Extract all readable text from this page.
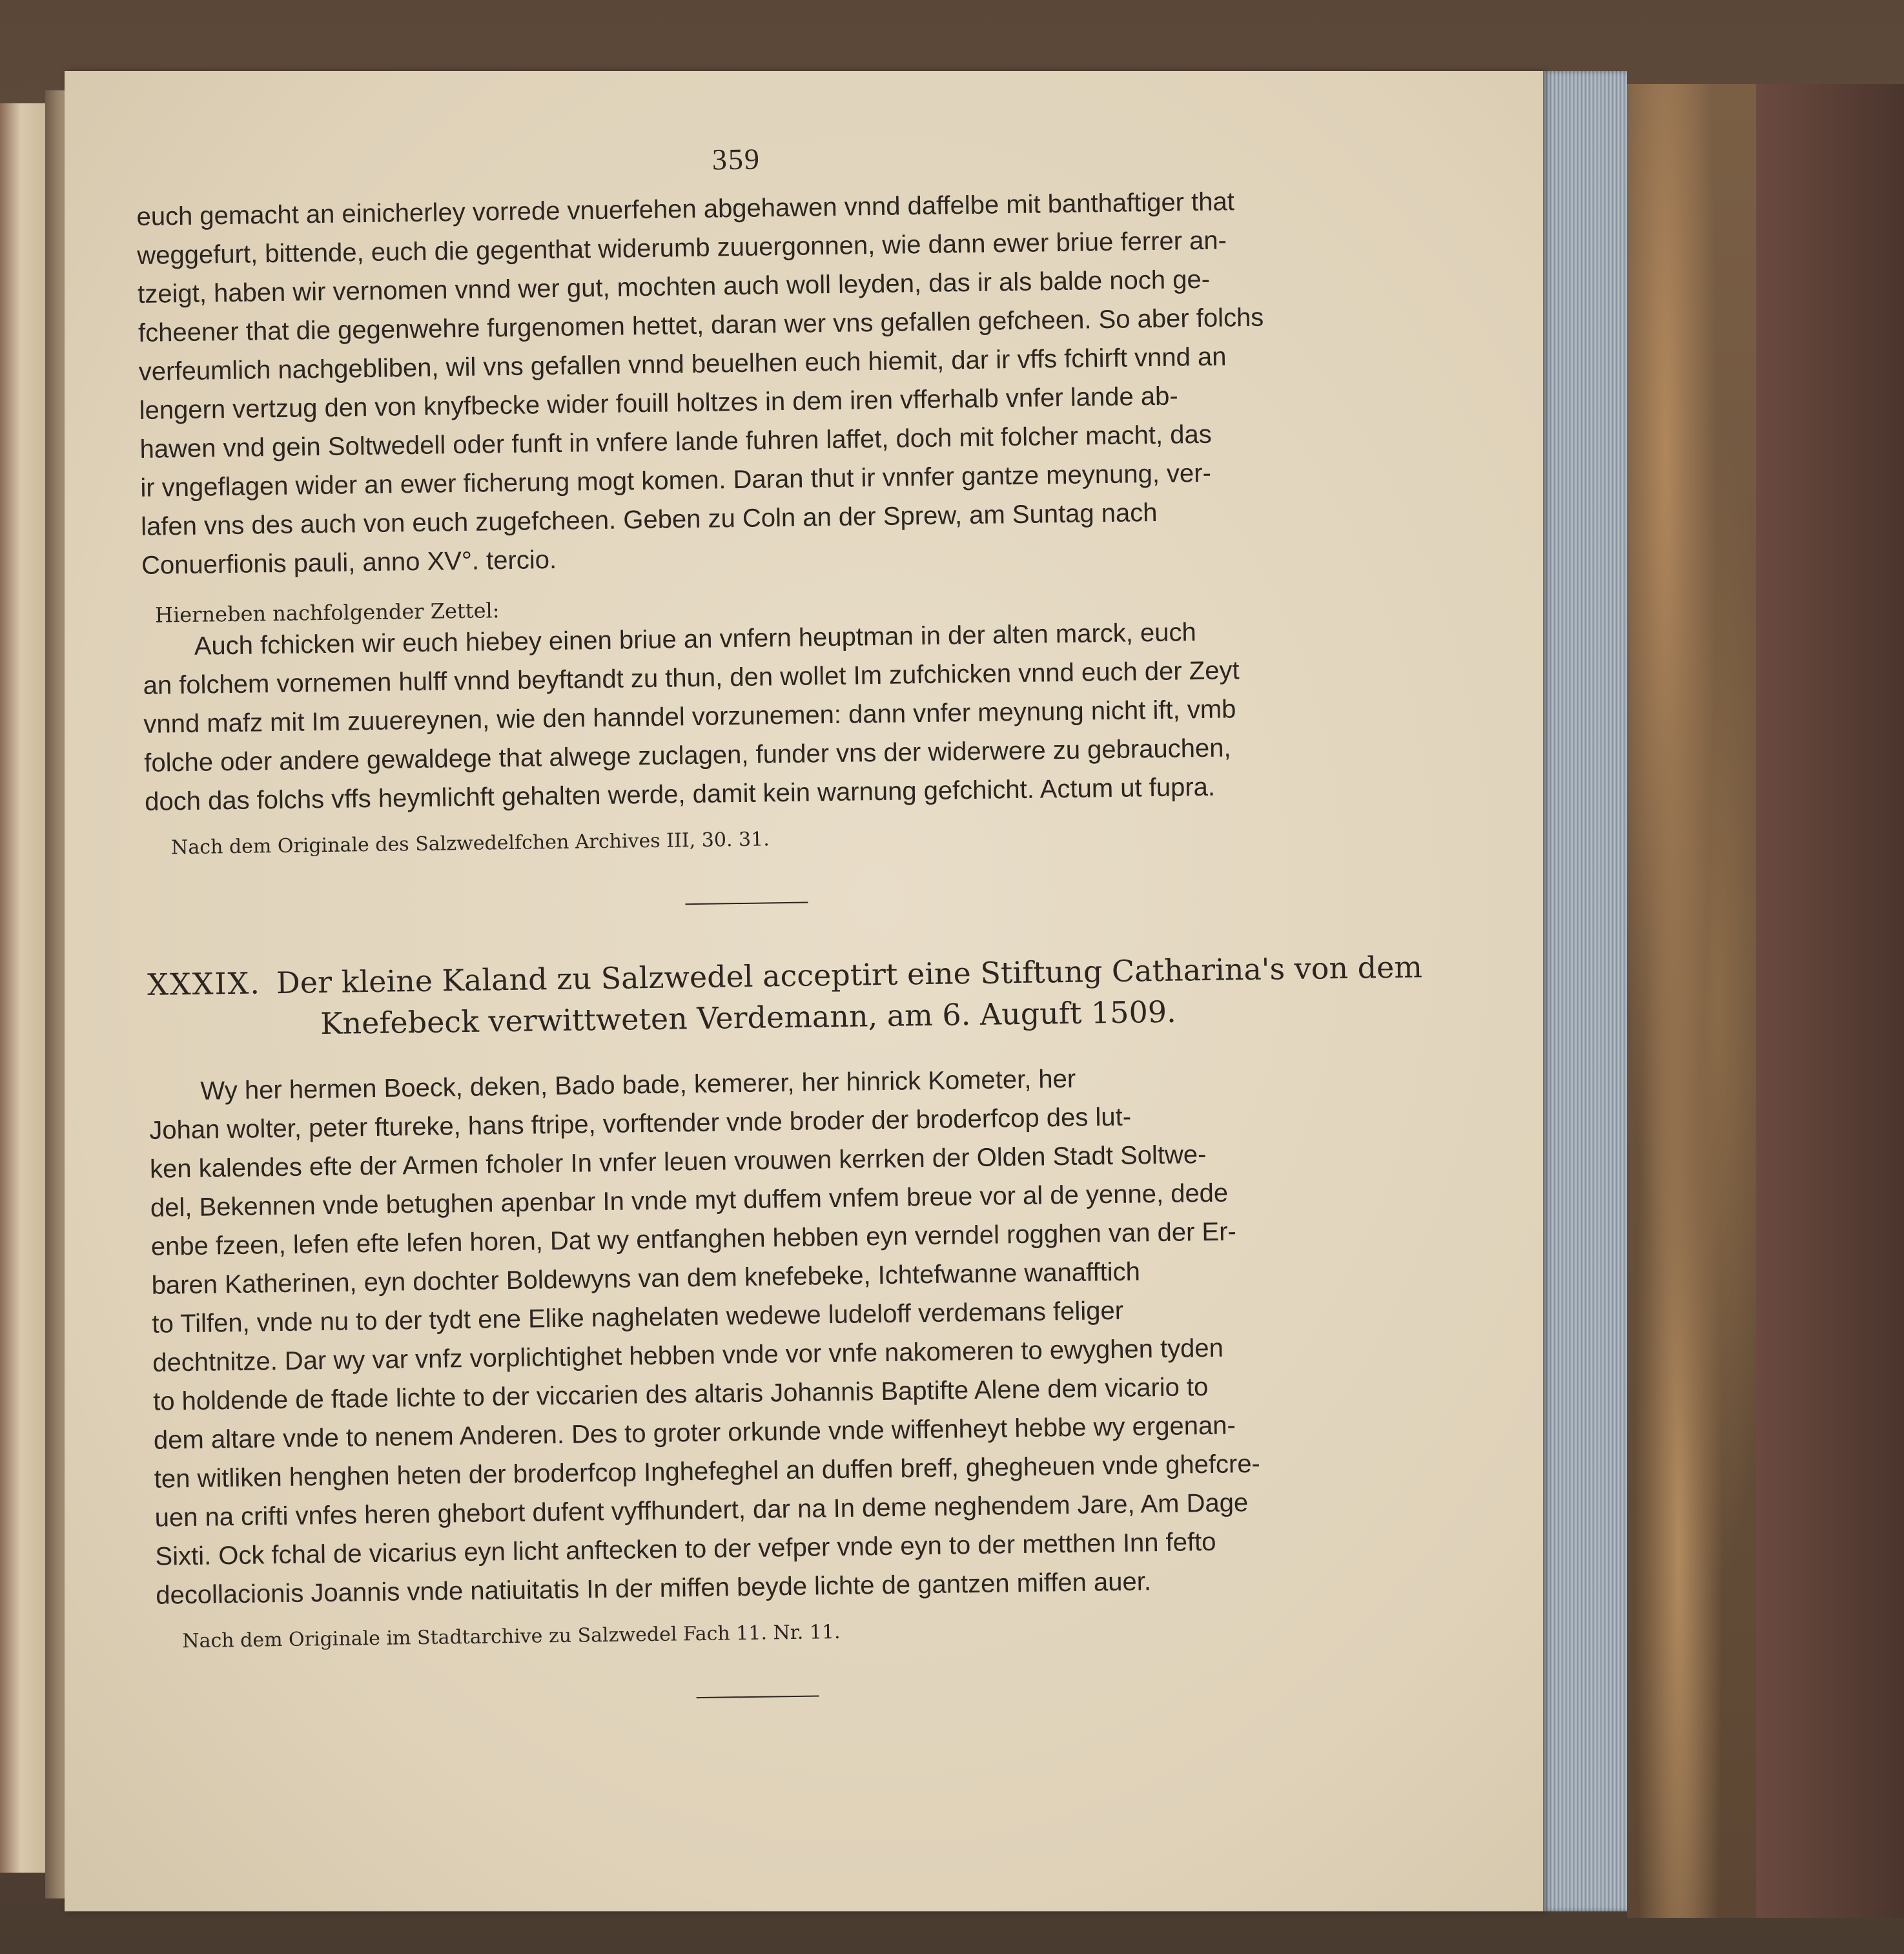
359
euch gemacht an einicherley vorrede vnuerfehen abgehawen vnnd daffelbe mit banthaftiger that
weggefurt, bittende, euch die gegenthat widerumb zuuergonnen, wie dann ewer briue ferrer an-
tzeigt, haben wir vernomen vnnd wer gut, mochten auch woll leyden, das ir als balde noch ge-
fcheener that die gegenwehre furgenomen hettet, daran wer vns gefallen gefcheen. So aber folchs
verfeumlich nachgebliben, wil vns gefallen vnnd beuelhen euch hiemit, dar ir vffs fchirft vnnd an
lengern vertzug den von knyfbecke wider fouill holtzes in dem iren vfferhalb vnfer lande ab-
hawen vnd gein Soltwedell oder funft in vnfere lande fuhren laffet, doch mit folcher macht, das
ir vngeflagen wider an ewer ficherung mogt komen. Daran thut ir vnnfer gantze meynung, ver-
lafen vns des auch von euch zugefcheen. Geben zu Coln an der Sprew, am Suntag nach
Conuerfionis pauli, anno XV°. tercio.
Hierneben nachfolgender Zettel:
Auch fchicken wir euch hiebey einen briue an vnfern heuptman in der alten marck, euch
an folchem vornemen hulff vnnd beyftandt zu thun, den wollet Im zufchicken vnnd euch der Zeyt
vnnd mafz mit Im zuuereynen, wie den hanndel vorzunemen: dann vnfer meynung nicht ift, vmb
folche oder andere gewaldege that alwege zuclagen, funder vns der widerwere zu gebrauchen,
doch das folchs vffs heymlichft gehalten werde, damit kein warnung gefchicht. Actum ut fupra.
Nach dem Originale des Salzwedelfchen Archives III, 30. 31.
XXXIX. Der kleine Kaland zu Salzwedel acceptirt eine Stiftung Catharina's von dem
Knefebeck verwittweten Verdemann, am 6. Auguft 1509.
Wy her hermen Boeck, deken, Bado bade, kemerer, her hinrick Kometer, her
Johan wolter, peter ftureke, hans ftripe, vorftender vnde broder der broderfcop des lut-
ken kalendes efte der Armen fcholer In vnfer leuen vrouwen kerrken der Olden Stadt Soltwe-
del, Bekennen vnde betughen apenbar In vnde myt duffem vnfem breue vor al de yenne, dede
enbe fzeen, lefen efte lefen horen, Dat wy entfanghen hebben eyn verndel rogghen van der Er-
baren Katherinen, eyn dochter Boldewyns van dem knefebeke, Ichtefwanne wanafftich
to Tilfen, vnde nu to der tydt ene Elike naghelaten wedewe ludeloff verdemans feliger
dechtnitze. Dar wy var vnfz vorplichtighet hebben vnde vor vnfe nakomeren to ewyghen tyden
to holdende de ftade lichte to der viccarien des altaris Johannis Baptifte Alene dem vicario to
dem altare vnde to nenem Anderen. Des to groter orkunde vnde wiffenheyt hebbe wy ergenan-
ten witliken henghen heten der broderfcop Inghefeghel an duffen breff, ghegheuen vnde ghefcre-
uen na crifti vnfes heren ghebort dufent vyffhundert, dar na In deme neghendem Jare, Am Dage
Sixti. Ock fchal de vicarius eyn licht anftecken to der vefper vnde eyn to der metthen Inn fefto
decollacionis Joannis vnde natiuitatis In der miffen beyde lichte de gantzen miffen auer.
Nach dem Originale im Stadtarchive zu Salzwedel Fach 11. Nr. 11.
